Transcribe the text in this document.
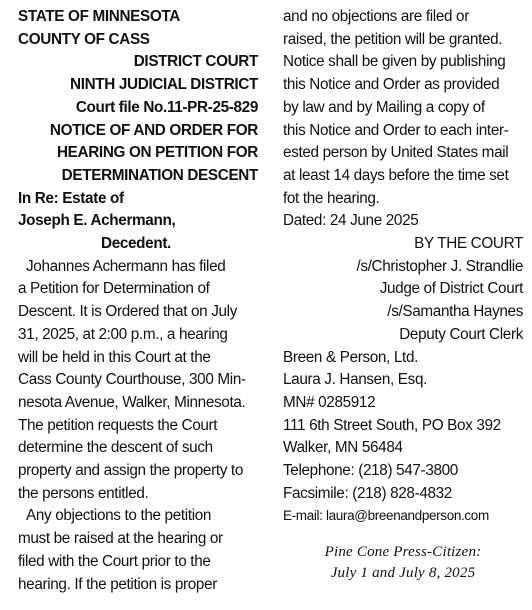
STATE OF MINNESOTA
COUNTY OF CASS
DISTRICT COURT
NINTH JUDICIAL DISTRICT
Court file No.11-PR-25-829
NOTICE OF AND ORDER FOR
HEARING ON PETITION FOR
DETERMINATION DESCENT
In Re: Estate of
Joseph E. Achermann,
Decedent.
Johannes Achermann has filed
a Petition for Determination of
Descent. It is Ordered that on July
31, 2025, at 2:00 p.m., a hearing
will be held in this Court at the
Cass County Courthouse, 300 Min-
nesota Avenue, Walker, Minnesota.
The petition requests the Court
determine the descent of such
property and assign the property to
the persons entitled.
Any objections to the petition
must be raised at the hearing or
filed with the Court prior to the
hearing. If the petition is proper
and no objections are filed or
raised, the petition will be granted.
Notice shall be given by publishing
this Notice and Order as provided
by law and by Mailing a copy of
this Notice and Order to each inter-
ested person by United States mail
at least 14 days before the time set
fot the hearing.
Dated: 24 June 2025
BY THE COURT
/s/Christopher J. Strandlie
Judge of District Court
/s/Samantha Haynes
Deputy Court Clerk
Breen & Person, Ltd.
Laura J. Hansen, Esq.
MN# 0285912
111 6th Street South, PO Box 392
Walker, MN 56484
Telephone: (218) 547-3800
Facsimile: (218) 828-4832
E-mail: laura@breenandperson.com
Pine Cone Press-Citizen:
July 1 and July 8, 2025
